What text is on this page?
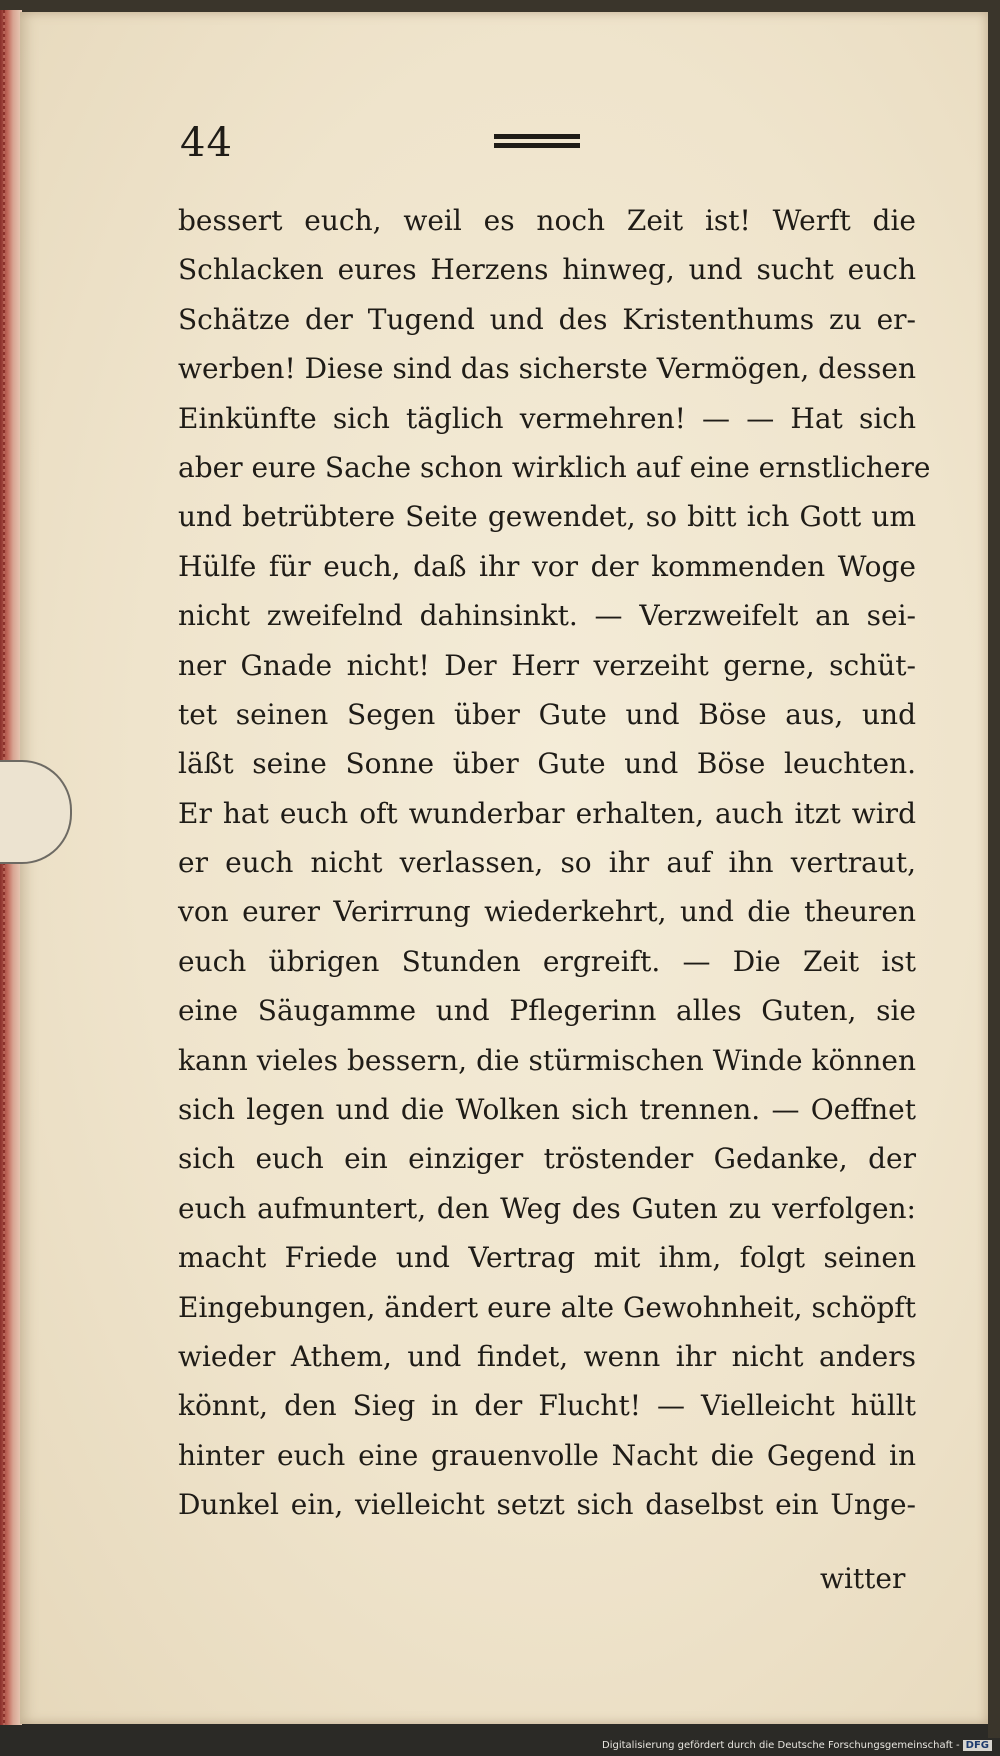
44
bessert euch, weil es noch Zeit ist! Werft die
Schlacken eures Herzens hinweg, und sucht euch
Schätze der Tugend und des Kristenthums zu er-
werben! Diese sind das sicherste Vermögen, dessen
Einkünfte sich täglich vermehren! — — Hat sich
aber eure Sache schon wirklich auf eine ernstlichere
und betrübtere Seite gewendet, so bitt ich Gott um
Hülfe für euch, daß ihr vor der kommenden Woge
nicht zweifelnd dahinsinkt. — Verzweifelt an sei-
ner Gnade nicht! Der Herr verzeiht gerne, schüt-
tet seinen Segen über Gute und Böse aus, und
läßt seine Sonne über Gute und Böse leuchten.
Er hat euch oft wunderbar erhalten, auch itzt wird
er euch nicht verlassen, so ihr auf ihn vertraut,
von eurer Verirrung wiederkehrt, und die theuren
euch übrigen Stunden ergreift. — Die Zeit ist
eine Säugamme und Pflegerinn alles Guten, sie
kann vieles bessern, die stürmischen Winde können
sich legen und die Wolken sich trennen. — Oeffnet
sich euch ein einziger tröstender Gedanke, der
euch aufmuntert, den Weg des Guten zu verfolgen:
macht Friede und Vertrag mit ihm, folgt seinen
Eingebungen, ändert eure alte Gewohnheit, schöpft
wieder Athem, und findet, wenn ihr nicht anders
könnt, den Sieg in der Flucht! — Vielleicht hüllt
hinter euch eine grauenvolle Nacht die Gegend in
Dunkel ein, vielleicht setzt sich daselbst ein Unge-
witter
Digitalisierung gefördert durch die Deutsche Forschungsgemeinschaft - DFG
